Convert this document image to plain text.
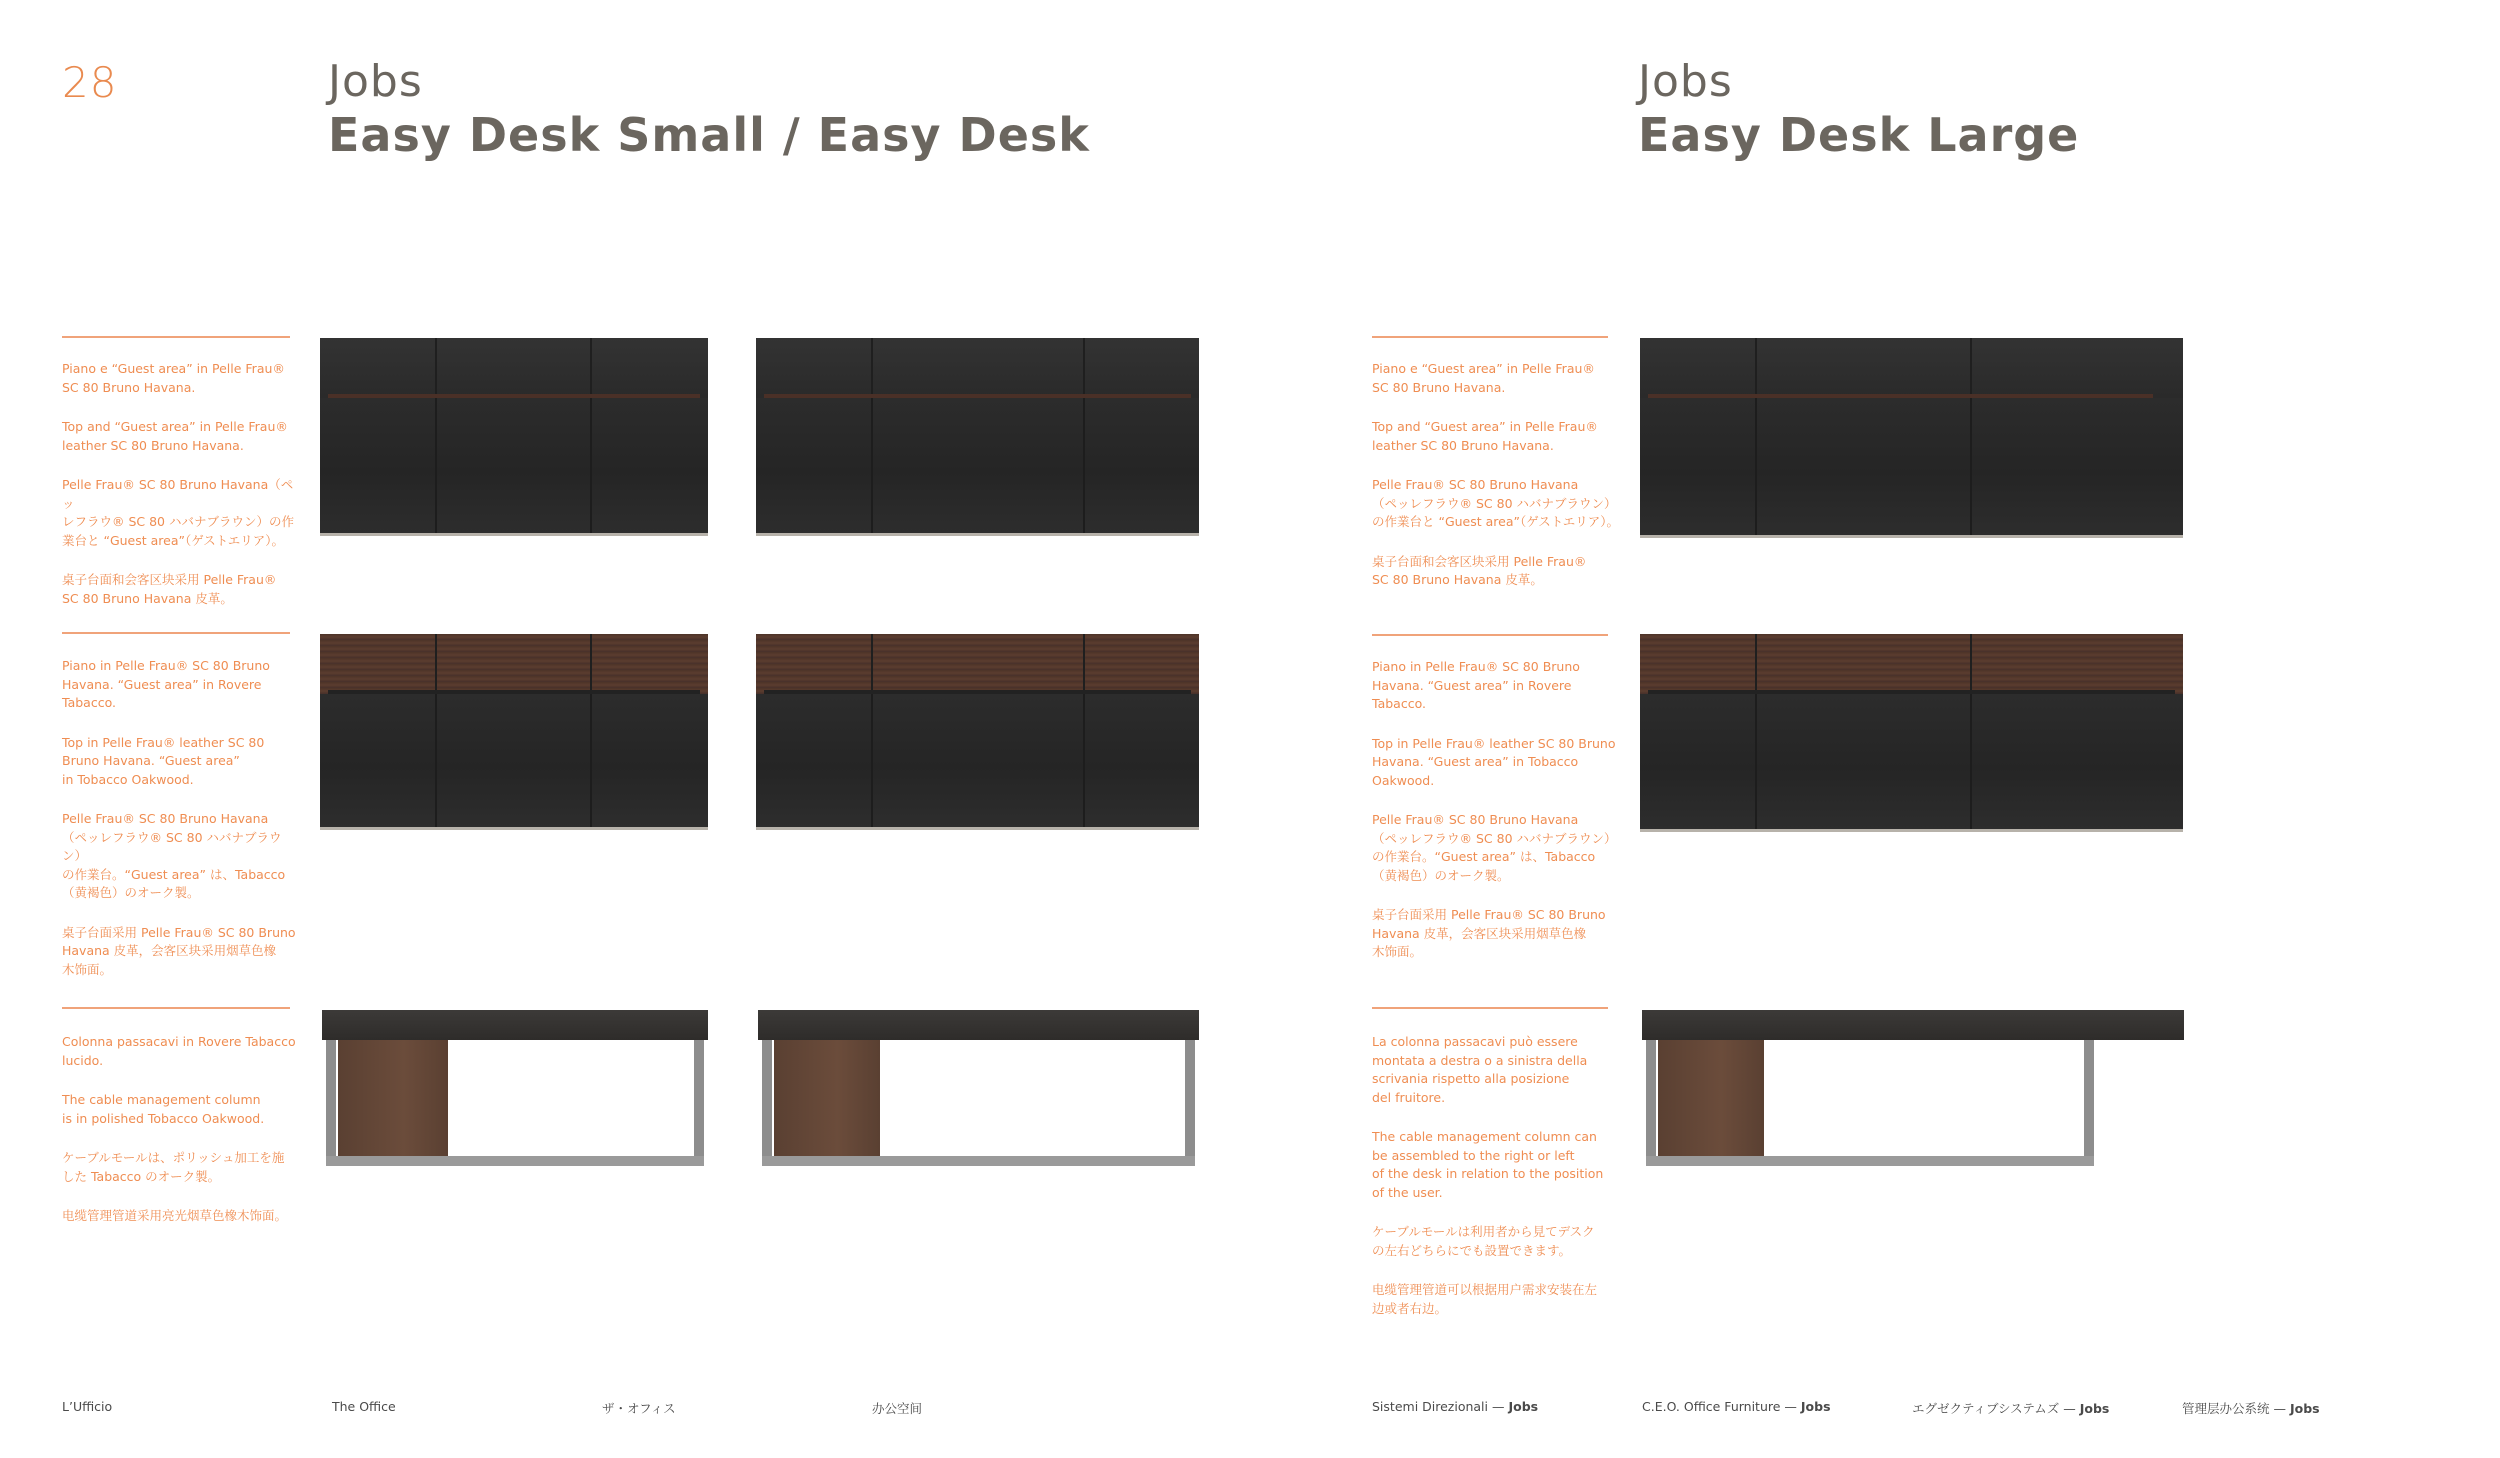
28	Jobs
Easy Desk Small / Easy Desk
Jobs
Easy Desk Large

Piano e “Guest area” in Pelle Frau®
SC 80 Bruno Havana.

Top and “Guest area” in Pelle Frau®
leather SC 80 Bruno Havana.

Pelle Frau® SC 80 Bruno Havana（ペッ
レフラウ® SC 80 ハバナブラウン）の作
業台と “Guest area”（ゲストエリア）。

桌子台面和会客区块采用 Pelle Frau®
SC 80 Bruno Havana 皮革。

Piano in Pelle Frau® SC 80 Bruno
Havana. “Guest area” in Rovere
Tabacco.

Top in Pelle Frau® leather SC 80
Bruno Havana. “Guest area”
in Tobacco Oakwood.

Pelle Frau® SC 80 Bruno Havana
（ペッレフラウ® SC 80 ハバナブラウン）
の作業台。“Guest area” は、Tabacco
（黄褐色）のオーク製。

桌子台面采用 Pelle Frau® SC 80 Bruno
Havana 皮革，会客区块采用烟草色橡
木饰面。

Colonna passacavi in Rovere Tabacco
lucido.

The cable management column
is in polished Tobacco Oakwood.

ケーブルモールは、ポリッシュ加工を施
した Tabacco のオーク製。

电缆管理管道采用亮光烟草色橡木饰面。

Piano e “Guest area” in Pelle Frau®
SC 80 Bruno Havana.

Top and “Guest area” in Pelle Frau®
leather SC 80 Bruno Havana.

Pelle Frau® SC 80 Bruno Havana
（ペッレフラウ® SC 80 ハバナブラウン）
の作業台と “Guest area”（ゲストエリア）。

桌子台面和会客区块采用 Pelle Frau®
SC 80 Bruno Havana 皮革。

Piano in Pelle Frau® SC 80 Bruno
Havana. “Guest area” in Rovere
Tabacco.

Top in Pelle Frau® leather SC 80 Bruno
Havana. “Guest area” in Tobacco
Oakwood.

Pelle Frau® SC 80 Bruno Havana
（ペッレフラウ® SC 80 ハバナブラウン）
の作業台。“Guest area” は、Tabacco
（黄褐色）のオーク製。

桌子台面采用 Pelle Frau® SC 80 Bruno
Havana 皮革，会客区块采用烟草色橡
木饰面。

La colonna passacavi può essere
montata a destra o a sinistra della
scrivania rispetto alla posizione
del fruitore.

The cable management column can
be assembled to the right or left
of the desk in relation to the position
of the user.

ケーブルモールは利用者から見てデスク
の左右どちらにでも設置できます。

电缆管理管道可以根据用户需求安装在左
边或者右边。

L’Ufficio	The Office	ザ・オフィス	办公空间	Sistemi Direzionali — Jobs	C.E.O. Office Furniture — Jobs	エグゼクティブシステムズ — Jobs	管理层办公系统 — Jobs
